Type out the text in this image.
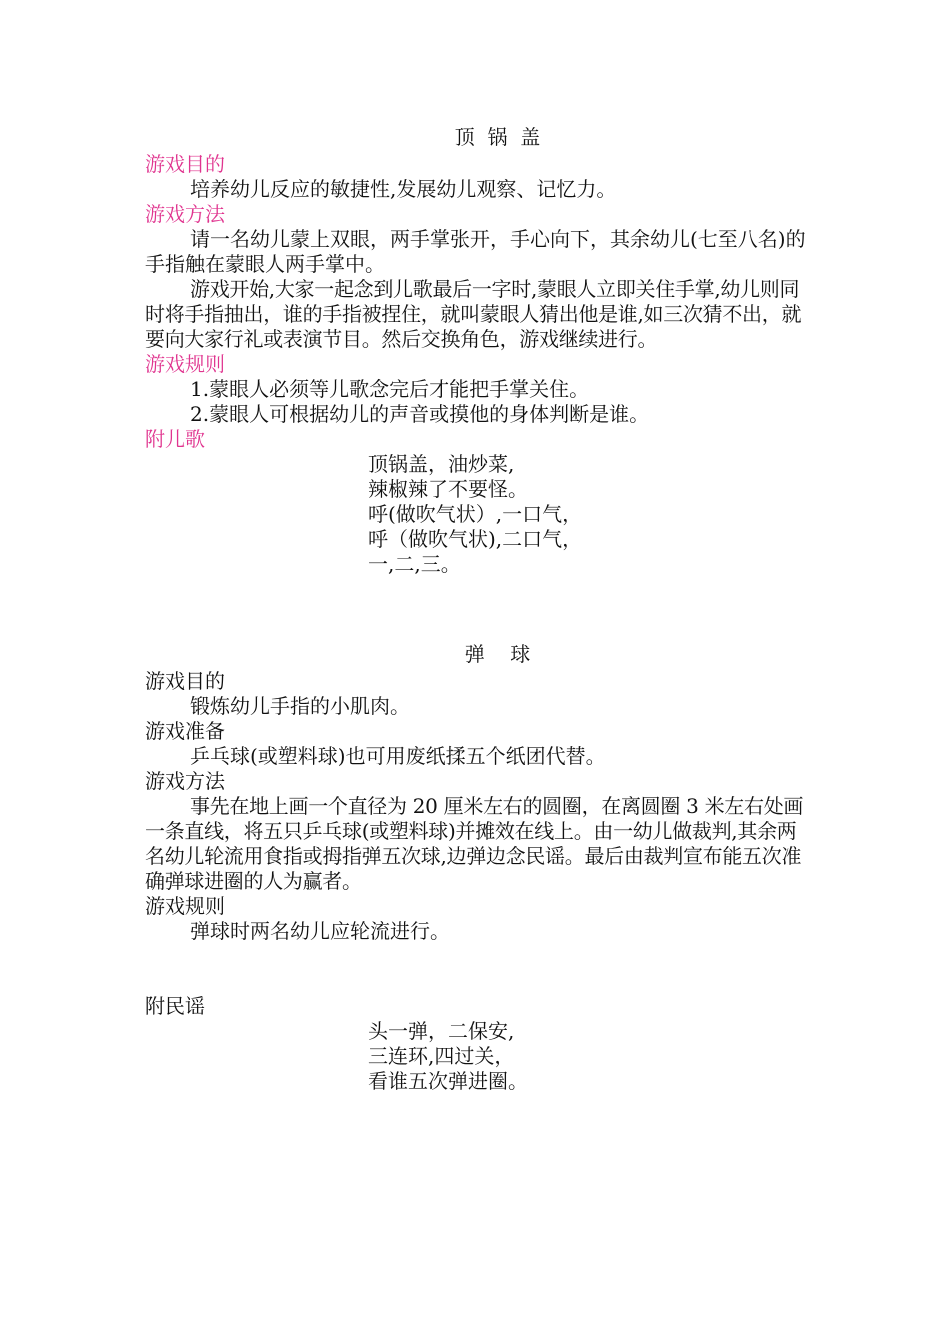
顶  锅  盖
游戏目的

培养幼儿反应的敏捷性,发展幼儿观察、记忆力。

游戏方法

请一名幼儿蒙上双眼，两手掌张开，手心向下，其余幼儿(七至八名)的手指触在蒙眼人两手掌中。

游戏开始,大家一起念到儿歌最后一字时,蒙眼人立即关住手掌,幼儿则同时将手指抽出，谁的手指被捏住，就叫蒙眼人猜出他是谁,如三次猜不出，就要向大家行礼或表演节目。然后交换角色，游戏继续进行。

游戏规则

1.蒙眼人必须等儿歌念完后才能把手掌关住。

2.蒙眼人可根据幼儿的声音或摸他的身体判断是谁。

附儿歌
顶锅盖，油炒菜,
辣椒辣了不要怪。
呼(做吹气状）,一口气，
呼（做吹气状),二口气，
一,二,三。
弹    球
游戏目的

锻炼幼儿手指的小肌肉。

游戏准备

乒乓球(或塑料球)也可用废纸揉五个纸团代替。

游戏方法

事先在地上画一个直径为 20 厘米左右的圆圈，在离圆圈 3 米左右处画一条直线，将五只乒乓球(或塑料球)并摊效在线上。由一幼儿做裁判,其余两名幼儿轮流用食指或拇指弹五次球,边弹边念民谣。最后由裁判宣布能五次准确弹球进圈的人为赢者。

游戏规则

弹球时两名幼儿应轮流进行。

附民谣
头一弹，二保安,
三连环,四过关，
看谁五次弹进圈。
